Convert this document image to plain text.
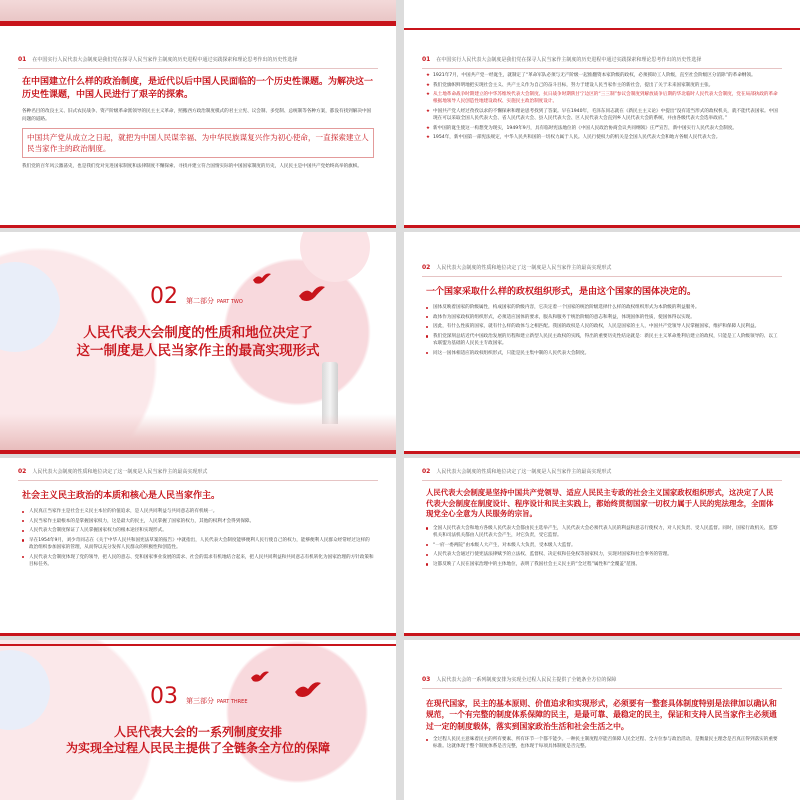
01 在中国实行人民代表大会制度是我们党在探寻人民当家作主制度的历史进程中通过实践探索和理论思考作出的历史性选择
在中国建立什么样的政治制度，是近代以后中国人民面临的一个历史性课题。为解决这一历史性课题，中国人民进行了艰辛的探索。
各种名目的改良主义、旧式农民战争、资产阶级革命派领导的民主主义革命，照搬西方政治制度模式的君主立宪、议会制、多党制、总统制等各种方案，都没有找到解决中国问题的道路。
中国共产党从成立之日起，就把为中国人民谋幸福、为中华民族谋复兴作为初心使命，一直探索建立人民当家作主的政治制度。
我们党的百年风云激荡史，也是我们党对先进国家制度和法律制度不懈探索、寻找并建立符合国情实际的中国国家制度的历史，人民民主是中国共产党始终高举的旗帜。
01 在中国实行人民代表大会制度是我们党在探寻人民当家作主制度的历史进程中通过实践探索和理论思考作出的历史性选择
★ 1921年7月，中国共产党一经诞生，就制定了“革命军队必须与无产阶级一起推翻资本家阶级的政权，必须援助工人阶级，直至社会阶级区分消除”的革命纲领。
★ 我们党旗帜鲜明地把实现社会主义、共产主义作为自己的奋斗目标，努力于建设人民当家作主的新社会，提出了关于未来国家制度的主张。
★ 从土地革命战争时期建立的中华苏维埃代表大会制度、抗日战争时期陕甘宁边区的“三三制”参议会制度到解放战争后期的华北临时人民代表大会制度，党在局部执政的革命根据地领导人民创造性地建设政权、实施民主政治制度设计。
★ 中国共产党人经过孜孜以求的不懈探索和理论思考找到了答案。早在1940年，毛泽东同志就在《新民主主义论》中提出“没有适当形式的政权机关，就不能代表国家。中国现在可以采取全国人民代表大会、省人民代表大会、县人民代表大会、区人民代表大会直到乡人民代表大会的系统，并由各级代表大会选举政府。”
★ 新中国的诞生使这一构想变为现实，1949年9月，具有临时宪法地位的《中国人民政治协商会议共同纲领》庄严宣告，新中国实行人民代表大会制度。
★ 1954年，新中国第一部宪法规定，中华人民共和国的一切权力属于人民。人民行使权力的机关是全国人民代表大会和地方各级人民代表大会。
02 第二部分 PART TWO
人民代表大会制度的性质和地位决定了
这一制度是人民当家作主的最高实现形式
02 人民代表大会制度的性质和地位决定了这一制度是人民当家作主的最高实现形式
一个国家采取什么样的政权组织形式，是由这个国家的国体决定的。
国体反映着国家的阶级属性，构成国家的阶级内容，它决定着一个国家的统治阶级选择什么样的政权组织形式为本阶级的利益服务。
政体作为国家政权的组织形式，必须适应国体的要求，服从和服务于统治阶级的意志和利益，体现国体的性质，使国体得以实现。
因此，有什么性质的国家，就有什么样的政体与之相匹配。我国的政权是人民的政权，人民是国家的主人，中国共产党领导人民掌握国家，维护和保障人民利益。
我们党深刻总结近代中国政治发展的历程和建立新型人民民主政权的实践，得出的重要历史性结论就是：新民主主义革命胜利后建立的政权，只能是工人阶级领导的、以工农联盟为基础的人民民主专政国家。
同这一国体相适应的政权组织形式，只能是民主集中制的人民代表大会制度。
02 人民代表大会制度的性质和地位决定了这一制度是人民当家作主的最高实现形式
社会主义民主政治的本质和核心是人民当家作主。
人民真正当家作主是社会主义民主本位的价值追求，是人民共同利益与共同意志的有机统一。
人民当家作主最根本的是掌握国家权力，这是最大的民主，人民掌握了国家的权力，其他的权利才会得到保障。
人民代表大会制度保证了人民掌握国家权力的根本途径和实现形式。
早在1954年9月，刘少奇同志在《关于中华人民共和国宪法草案的报告》中就指出，人民代表大会制度能够便利人民行使自己的权力，能够便利人民群众经常经过这样的政治组织参加国家的管理，从而得以充分发挥人民群众的积极性和创造性。
人民代表大会制度体现了党的领导，把人民的意志、党和国家事业发展的需求、社会的需求有机地结合起来，把人民共同利益和共同意志有机转化为国家治理的方针政策和目标任务。
02 人民代表大会制度的性质和地位决定了这一制度是人民当家作主的最高实现形式
人民代表大会制度是坚持中国共产党领导、适应人民民主专政的社会主义国家政权组织形式，这决定了人民代表大会制度在制度设计、程序设计和民主实践上，都始终贯彻国家一切权力属于人民的宪法理念，全面体现党全心全意为人民服务的宗旨。
全国人民代表大会和地方各级人民代表大会都由民主选举产生，人民代表大会必须代表人民的利益和意志行使权力，对人民负责、受人民监督。同时，国家行政机关、监察机关和司法机关都由人民代表大会产生，对它负责，受它监督。
“一府一委两院”由本级人大产生，对本级人大负责，受本级人大监督。
人民代表大会通过行使宪法法律赋予的立法权、监督权、决定权和任免权等国家权力，实现对国家和社会事务的管理。
这都反映了人民在国家治理中的主体地位，表明了我国社会主义民主的“全过程”属性和“全覆盖”范围。
03 第三部分 PART THREE
人民代表大会的一系列制度安排
为实现全过程人民民主提供了全链条全方位的保障
03 人民代表大会的一系列制度安排为实现全过程人民民主提供了全链条全方位的保障
在现代国家，民主的基本原则、价值追求和实现形式，必须要有一整套具体制度特别是法律加以确认和规范，一个有完整的制度体系保障的民主，是最可靠、最稳定的民主，保证和支持人民当家作主必须通过一定的制度载体，落实到国家政治生活和社会生活之中。
全过程人民民主意味着民主的所有要素、所有环节一个都不能少。一种民主制度程序能否保障人民全过程、全方位参与政治活动，是衡量民主理念是否真正得到落实的重要标准。这就体现于整个制度体系是否完整，也体现于每项具体制度是否完整。
